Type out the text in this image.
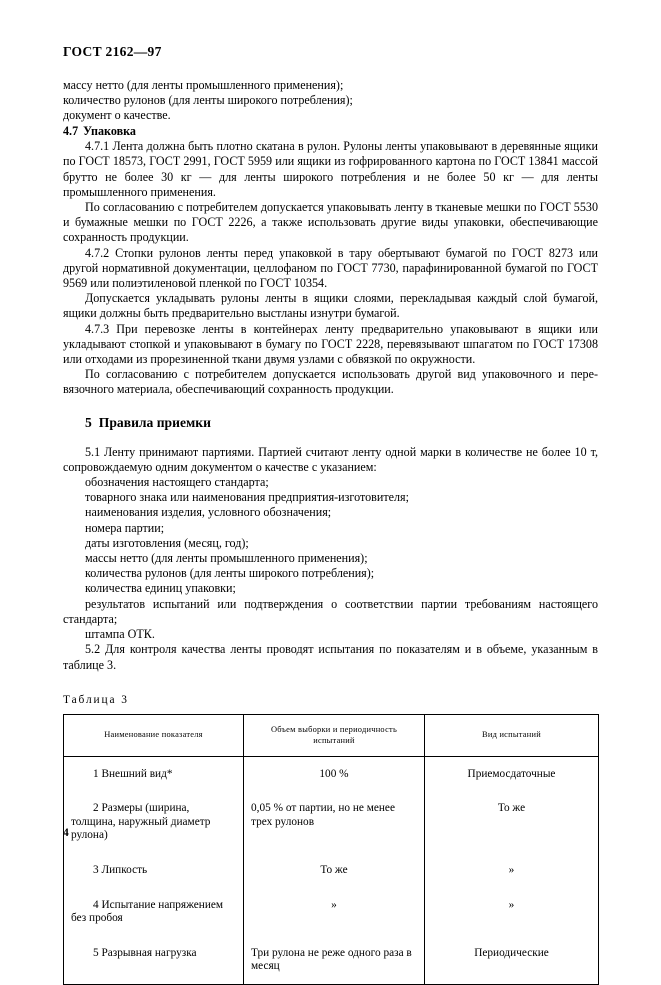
ГОСТ 2162—97

массу нетто (для ленты промышленного применения);

количество рулонов (для ленты широкого потребления);

документ о качестве.

4.7 Упаковка

4.7.1 Лента должна быть плотно скатана в рулон. Рулоны ленты упаковывают в деревянные ящики по ГОСТ 18573, ГОСТ 2991, ГОСТ 5959 или ящики из гофрированного картона по ГОСТ 13841 массой брутто не более 30 кг — для ленты широкого потребления и не более 50 кг — для ленты промышленного применения.

По согласованию с потребителем допускается упаковывать ленту в тканевые мешки по ГОСТ 5530 и бумажные мешки по ГОСТ 2226, а также использовать другие виды упаковки, обеспечивающие сохранность продукции.

4.7.2 Стопки рулонов ленты перед упаковкой в тару обертывают бумагой по ГОСТ 8273 или другой нормативной документации, целлофаном по ГОСТ 7730, парафинированной бумагой по ГОСТ 9569 или полиэтиленовой пленкой по ГОСТ 10354.

Допускается укладывать рулоны ленты в ящики слоями, перекладывая каждый слой бумагой, ящики должны быть предварительно выстланы изнутри бумагой.

4.7.3 При перевозке ленты в контейнерах ленту предварительно упаковывают в ящики или укладывают стопкой и упаковывают в бумагу по ГОСТ 2228, перевязывают шпагатом по ГОСТ 17308 или отходами из прорезиненной ткани двумя узлами с обвязкой по окружности.

По согласованию с потребителем допускается использовать другой вид упаковочного и перевязочного материала, обеспечивающий сохранность продукции.

5 Правила приемки

5.1 Ленту принимают партиями. Партией считают ленту одной марки в количестве не более 10 т, сопровождаемую одним документом о качестве с указанием:

обозначения настоящего стандарта;

товарного знака или наименования предприятия-изготовителя;

наименования изделия, условного обозначения;

номера партии;

даты изготовления (месяц, год);

массы нетто (для ленты промышленного применения);

количества рулонов (для ленты широкого потребления);

количества единиц упаковки;

результатов испытаний или подтверждения о соответствии партии требованиям настоящего стандарта;

штампа ОТК.

5.2 Для контроля качества ленты проводят испытания по показателям и в объеме, указанным в таблице 3.

Таблица 3

Наименование показателя	Объем выборки и периодичность испытаний	Вид испытаний
1 Внешний вид*	100 %	Приемосдаточные
2 Размеры (ширина, толщина, наружный диаметр рулона)	0,05 % от партии, но не менее трех рулонов	То же
3 Липкость	То же	»
4 Испытание напряжением без пробоя	»	»
5 Разрывная нагрузка	Три рулона не реже одного раза в месяц	Периодические
4
